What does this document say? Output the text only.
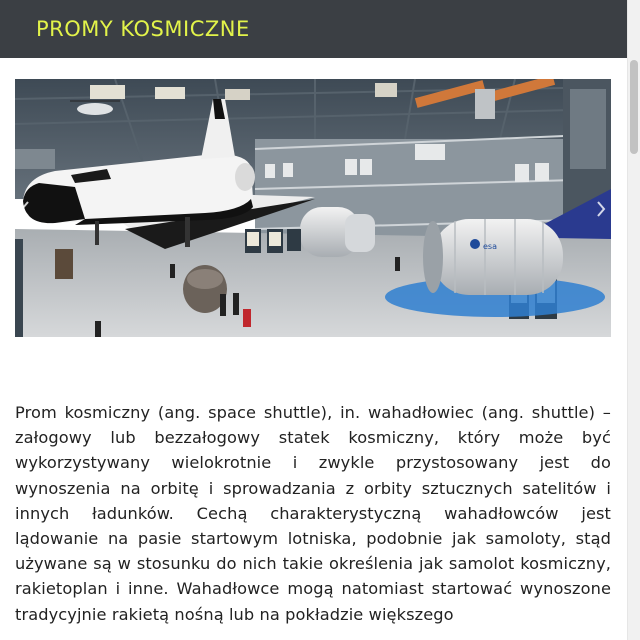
PROMY KOSMICZNE
esa

Prom kosmiczny (ang. space shuttle), in. wahadłowiec (ang. shuttle) – załogowy lub bezzałogowy statek kosmiczny, który może być wykorzystywany wielokrotnie i zwykle przystosowany jest do wynoszenia na orbitę i sprowadzania z orbity sztucznych satelitów i innych ładunków. Cechą charakterystyczną wahadłowców jest lądowanie na pasie startowym lotniska, podobnie jak samoloty, stąd używane są w stosunku do nich takie określenia jak samolot kosmiczny, rakietoplan i inne. Wahadłowce mogą natomiast startować wynoszone tradycyjnie rakietą nośną lub na pokładzie większego
